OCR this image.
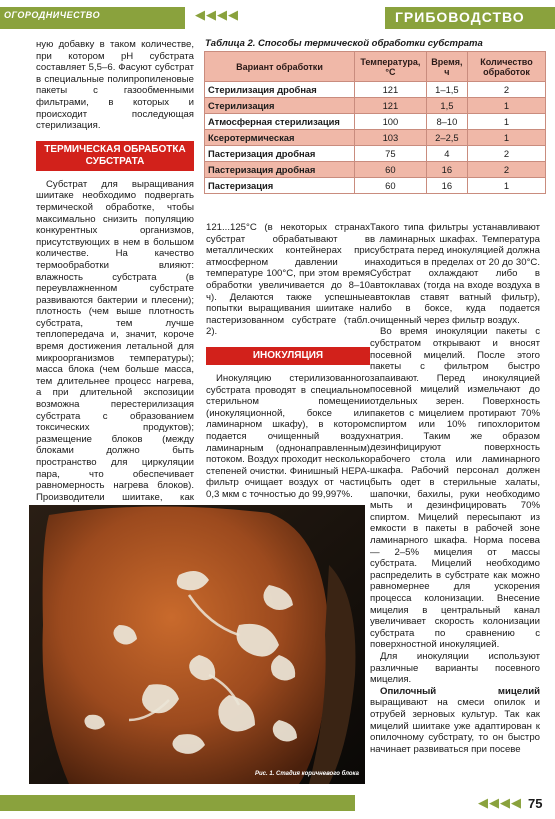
ОГОРОДНИЧЕСТВО	◀◀◀◀	ГРИБОВОДСТВО

ную добавку в таком количестве, при котором рН субстрата составляет 5,5–6. Фасуют субстрат в специальные полипропиленовые пакеты с газообменными фильтрами, в которых и происходит последующая стерилизация.

ТЕРМИЧЕСКАЯ ОБРАБОТКА СУБСТРАТА

Субстрат для выращивания шиитаке необходимо подвергать термической обработке, чтобы максимально снизить популяцию конкурентных организмов, присутствующих в нем в большом количестве. На качество термообработки влияют: влажность субстрата (в переувлажненном субстрате развиваются бактерии и плесени); плотность (чем выше плотность субстрата, тем лучше теплопередача и, значит, короче время достижения летальной для микроорганизмов температуры); масса блока (чем больше масса, тем длительнее процесс нагрева, а при длительной экспозиции возможна перестерилизация субстрата с образованием токсических продуктов); размещение блоков (между блоками должно быть пространство для циркуляции пара, что обеспечивает равномерность нагрева блоков). Производители шиитаке, как

Таблица 2. Способы термической обработки субстрата
Вариант обработки	Температура, °С	Время, ч	Количество обработок
Стерилизация дробная	121	1–1,5	2
Стерилизация	121	1,5	1
Атмосферная стерилизация	100	8–10	1
Ксеротермическая	103	2–2,5	1
Пастеризация дробная	75	4	2
Пастеризация дробная	60	16	2
Пастеризация	60	16	1

121...125°С (в некоторых странах субстрат обрабатывают в металлических контейнерах при атмосферном давлении и температуре 100°С, при этом время обработки увеличивается до 8–10 ч). Делаются также успешные попытки выращивания шиитаке на пастеризованном субстрате (табл. 2).

ИНОКУЛЯЦИЯ

Инокуляцию стерилизованного субстрата проводят в специальном стерильном помещении (инокуляционной, боксе или ламинарном шкафу), в котором подается очищенный воздух ламинарным (однонаправленным) потоком. Воздух проходит несколько степеней очистки. Финишный НЕРА-фильтр очищает воздух от частиц 0,3 мкм с точностью до 99,997%.

Такого типа фильтры устанавливают в ламинарных шкафах. Температура субстрата перед инокуляцией должна находиться в пределах от 20 до 30°С. Субстрат охлаждают либо в автоклавах (тогда на входе воздуха в автоклав ставят ватный фильтр), либо в боксе, куда подается очищенный через фильтр воздух.

Во время инокуляции пакеты с субстратом открывают и вносят посевной мицелий. После этого пакеты с фильтром быстро запаивают. Перед инокуляцией посевной мицелий измельчают до отдельных зерен. Поверхность пакетов с мицелием протирают 70% спиртом или 10% гипохлоритом натрия. Таким же образом дезинфицируют поверхность рабочего стола или ламинарного шкафа. Рабочий персонал должен быть одет в стерильные халаты, шапочки, бахилы, руки необходимо мыть и дезинфицировать 70% спиртом. Мицелий пересыпают из емкости в пакеты в рабочей зоне ламинарного шкафа. Норма посева — 2–5% мицелия от массы субстрата. Мицелий необходимо распределить в субстрате как можно равномернее для ускорения процесса колонизации. Внесение мицелия в центральный канал увеличивает скорость колонизации субстрата по сравнению с поверхностной инокуляцией.

Для инокуляции используют различные варианты посевного мицелия.

Опилочный мицелий выращивают на смеси опилок и отрубей зерновых культур. Так как мицелий шиитаке уже адаптирован к опилочному субстрату, то он быстро начинает развиваться при посеве

Рис. 1. Стадия коричневого блока
◀◀◀◀ 75
